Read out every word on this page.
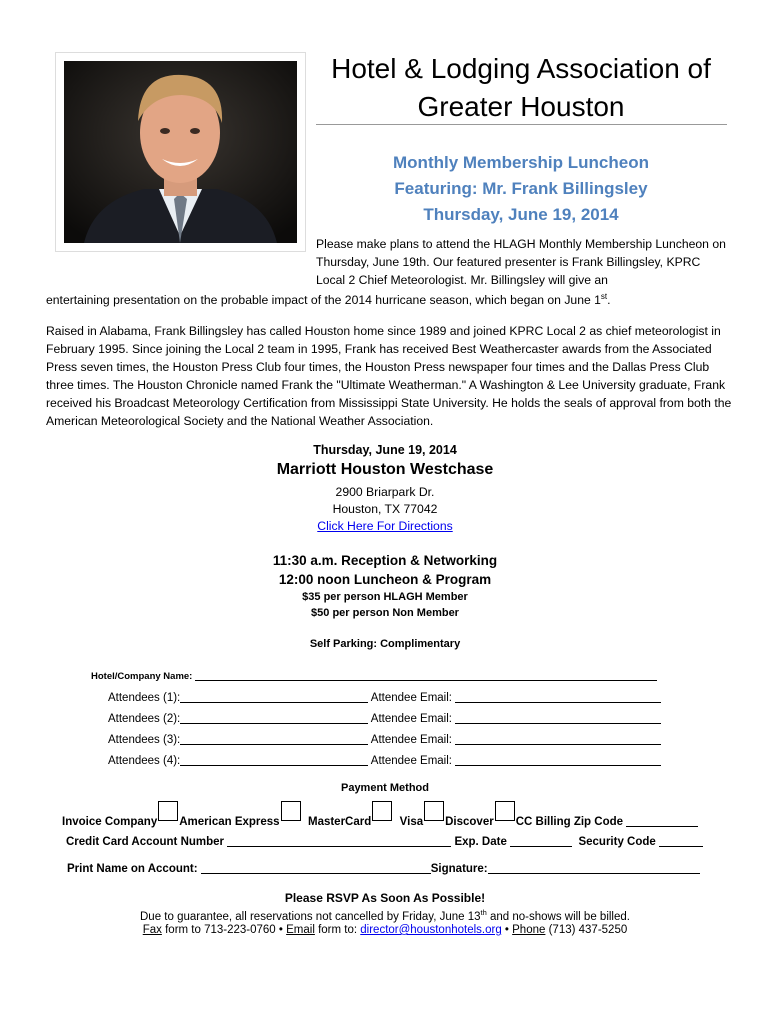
Hotel & Lodging Association of
Greater Houston
Monthly Membership Luncheon
Featuring: Mr. Frank Billingsley
Thursday, June 19, 2014
Please make plans to attend the HLAGH Monthly Membership Luncheon on Thursday, June 19th. Our featured presenter is Frank Billingsley, KPRC Local 2 Chief Meteorologist. Mr. Billingsley will give an
entertaining presentation on the probable impact of the 2014 hurricane season, which began on June 1st.
Raised in Alabama, Frank Billingsley has called Houston home since 1989 and joined KPRC Local 2 as chief meteorologist in February 1995. Since joining the Local 2 team in 1995, Frank has received Best Weathercaster awards from the Associated Press seven times, the Houston Press Club four times, the Houston Press newspaper four times and the Dallas Press Club three times. The Houston Chronicle named Frank the "Ultimate Weatherman." A Washington & Lee University graduate, Frank received his Broadcast Meteorology Certification from Mississippi State University. He holds the seals of approval from both the American Meteorological Society and the National Weather Association.
Thursday, June 19, 2014
Marriott Houston Westchase
2900 Briarpark Dr.
Houston, TX 77042
Click Here For Directions
11:30 a.m. Reception & Networking
12:00 noon Luncheon & Program
$35 per person HLAGH Member
$50 per person Non Member
Self Parking: Complimentary
Hotel/Company Name:
Attendees (1):	Attendee Email:
Attendees (2):	Attendee Email:
Attendees (3):	Attendee Email:
Attendees (4):	Attendee Email:
Payment Method
Invoice Company American Express MasterCard Visa Discover CC Billing Zip Code
Credit Card Account Number	Exp. Date	Security Code
Print Name on Account:	Signature:
Please RSVP As Soon As Possible!
Due to guarantee, all reservations not cancelled by Friday, June 13th and no-shows will be billed.
Fax form to 713-223-0760 • Email form to: director@houstonhotels.org • Phone (713) 437-5250
